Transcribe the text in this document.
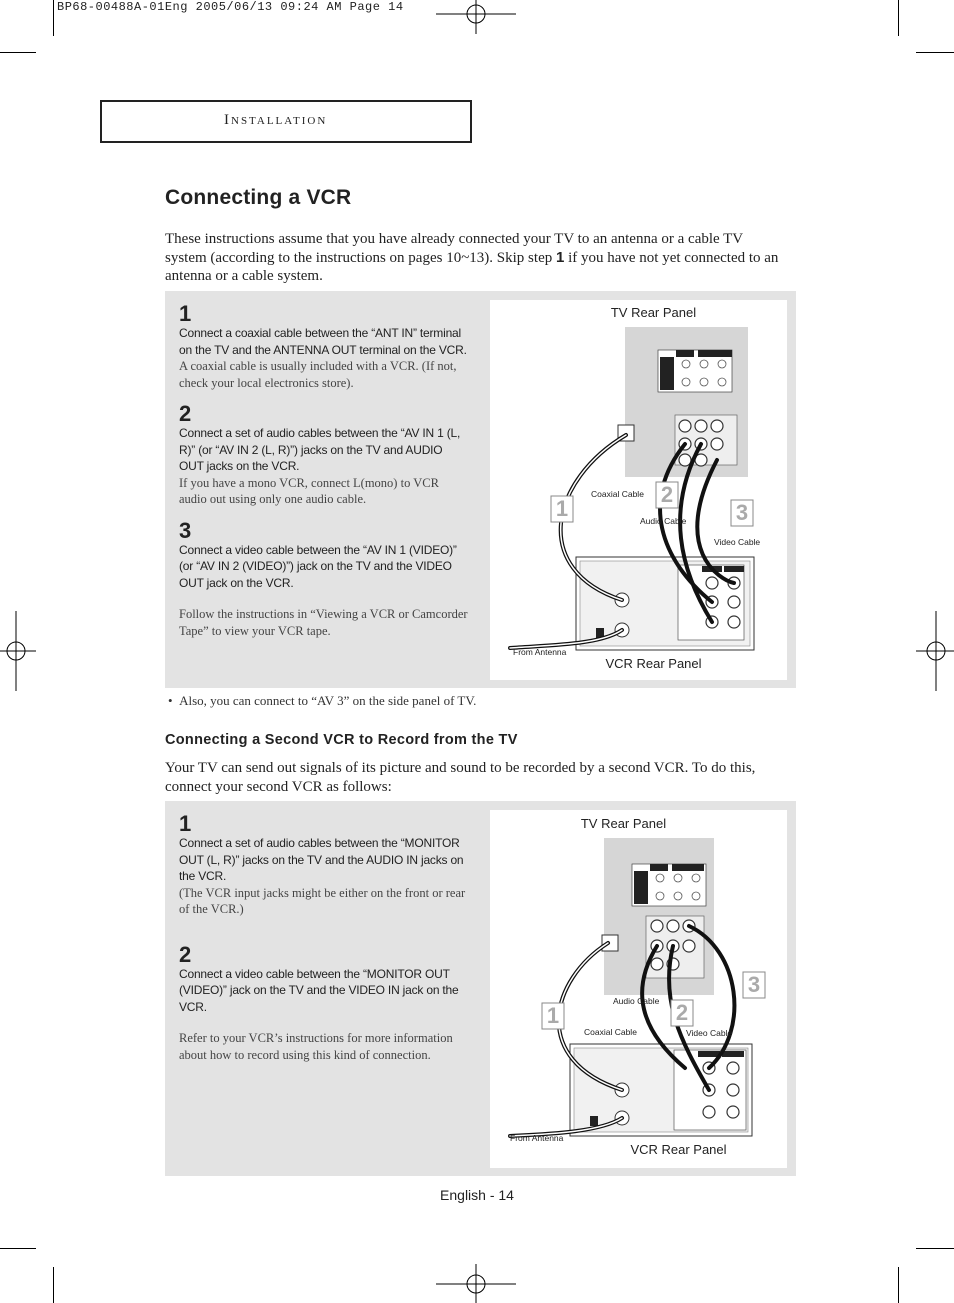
BP68-00488A-01Eng 2005/06/13 09:24 AM Page 14
Installation
Connecting a VCR
These instructions assume that you have already connected your TV to an antenna or a cable TV system (according to the instructions on pages 10~13). Skip step 1 if you have not yet connected to an antenna or a cable system.
1
Connect a coaxial cable between the “ANT IN” terminal on the TV and the ANTENNA OUT terminal on the VCR.
A coaxial cable is usually included with a VCR. (If not, check your local electronics store).
2
Connect a set of audio cables between the “AV IN 1 (L, R)” (or “AV IN 2 (L, R)”) jacks on the TV and AUDIO OUT jacks on the VCR.
If you have a mono VCR, connect L(mono) to VCR audio out using only one audio cable.
3
Connect a video cable between the “AV IN 1 (VIDEO)” (or “AV IN 2 (VIDEO)”) jack on the TV and the VIDEO OUT jack on the VCR.
Follow the instructions in “Viewing a VCR or Camcorder Tape” to view your VCR tape.
TV Rear Panel
VCR Rear Panel
Coaxial Cable
Audio Cable
Video Cable
From Antenna
1
2
3
•  Also, you can connect to “AV 3” on the side panel of TV.
Connecting a Second VCR to Record from the TV
Your TV can send out signals of its picture and sound to be recorded by a second VCR. To do this, connect your second VCR as follows:
1
Connect a set of audio cables between the “MONITOR OUT (L, R)” jacks on the TV and the AUDIO IN jacks on the VCR.
(The VCR input jacks might be either on the front or rear of the VCR.)
2
Connect a video cable between the “MONITOR OUT (VIDEO)” jack on the TV and the VIDEO IN jack on the VCR.
Refer to your VCR’s instructions for more information about how to record using this kind of connection.
TV Rear Panel
VCR Rear Panel
Audio Cable
Coaxial Cable	Video Cable
From Antenna
1	2
3
English - 14
